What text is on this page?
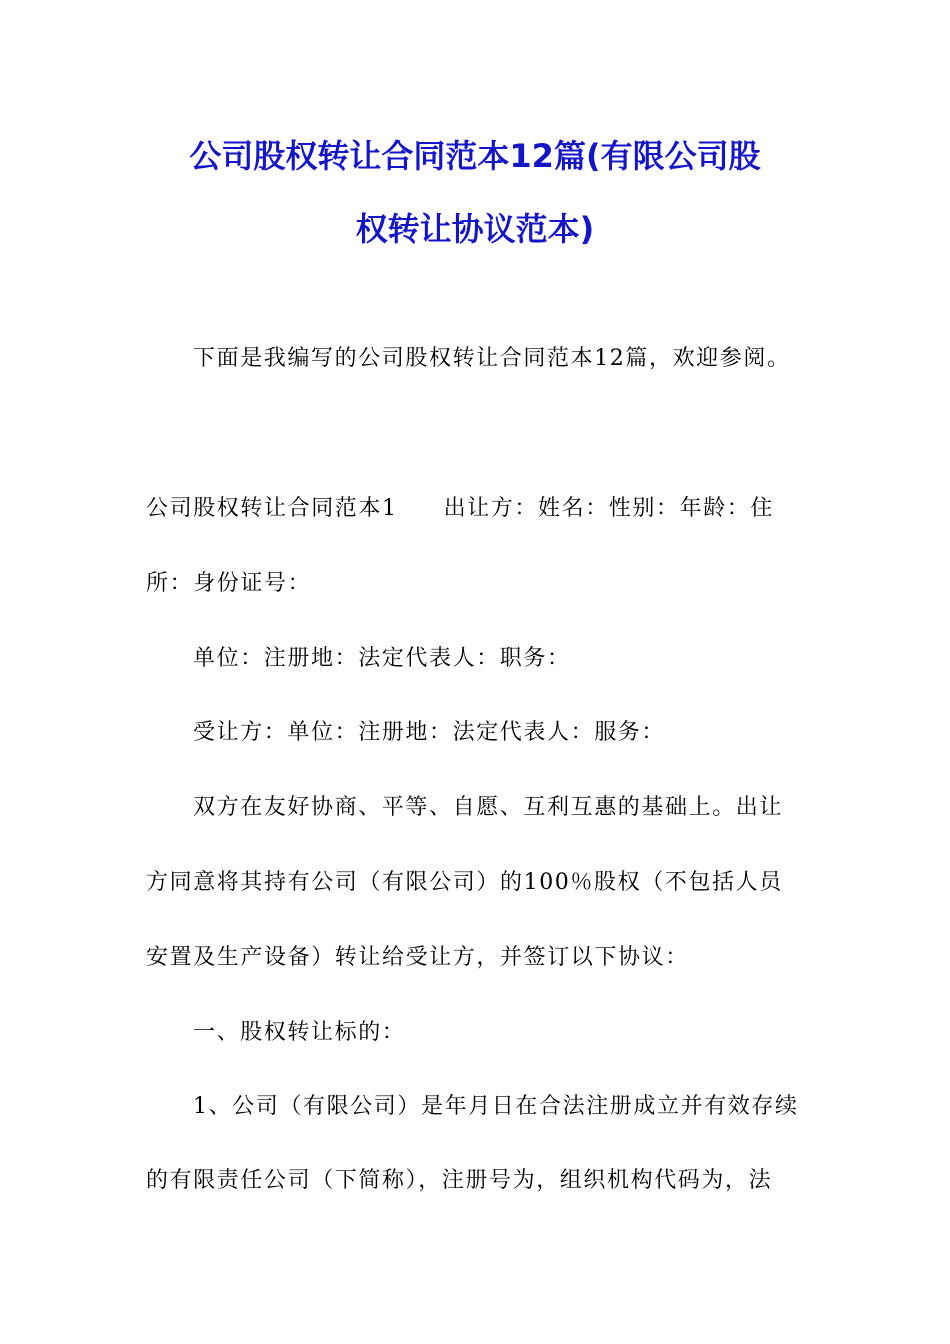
公司股权转让合同范本12篇(有限公司股
权转让协议范本)
下面是我编写的公司股权转让合同范本12篇，欢迎参阅。
公司股权转让合同范本1 出让方：姓名：性别：年龄：住
所：身份证号：
单位：注册地：法定代表人：职务：
受让方：单位：注册地：法定代表人：服务：
双方在友好协商、平等、自愿、互利互惠的基础上。出让
方同意将其持有公司（有限公司）的100％股权（不包括人员
安置及生产设备）转让给受让方，并签订以下协议：
一、股权转让标的：
1、公司（有限公司）是年月日在合法注册成立并有效存续
的有限责任公司（下简称），注册号为，组织机构代码为，法
